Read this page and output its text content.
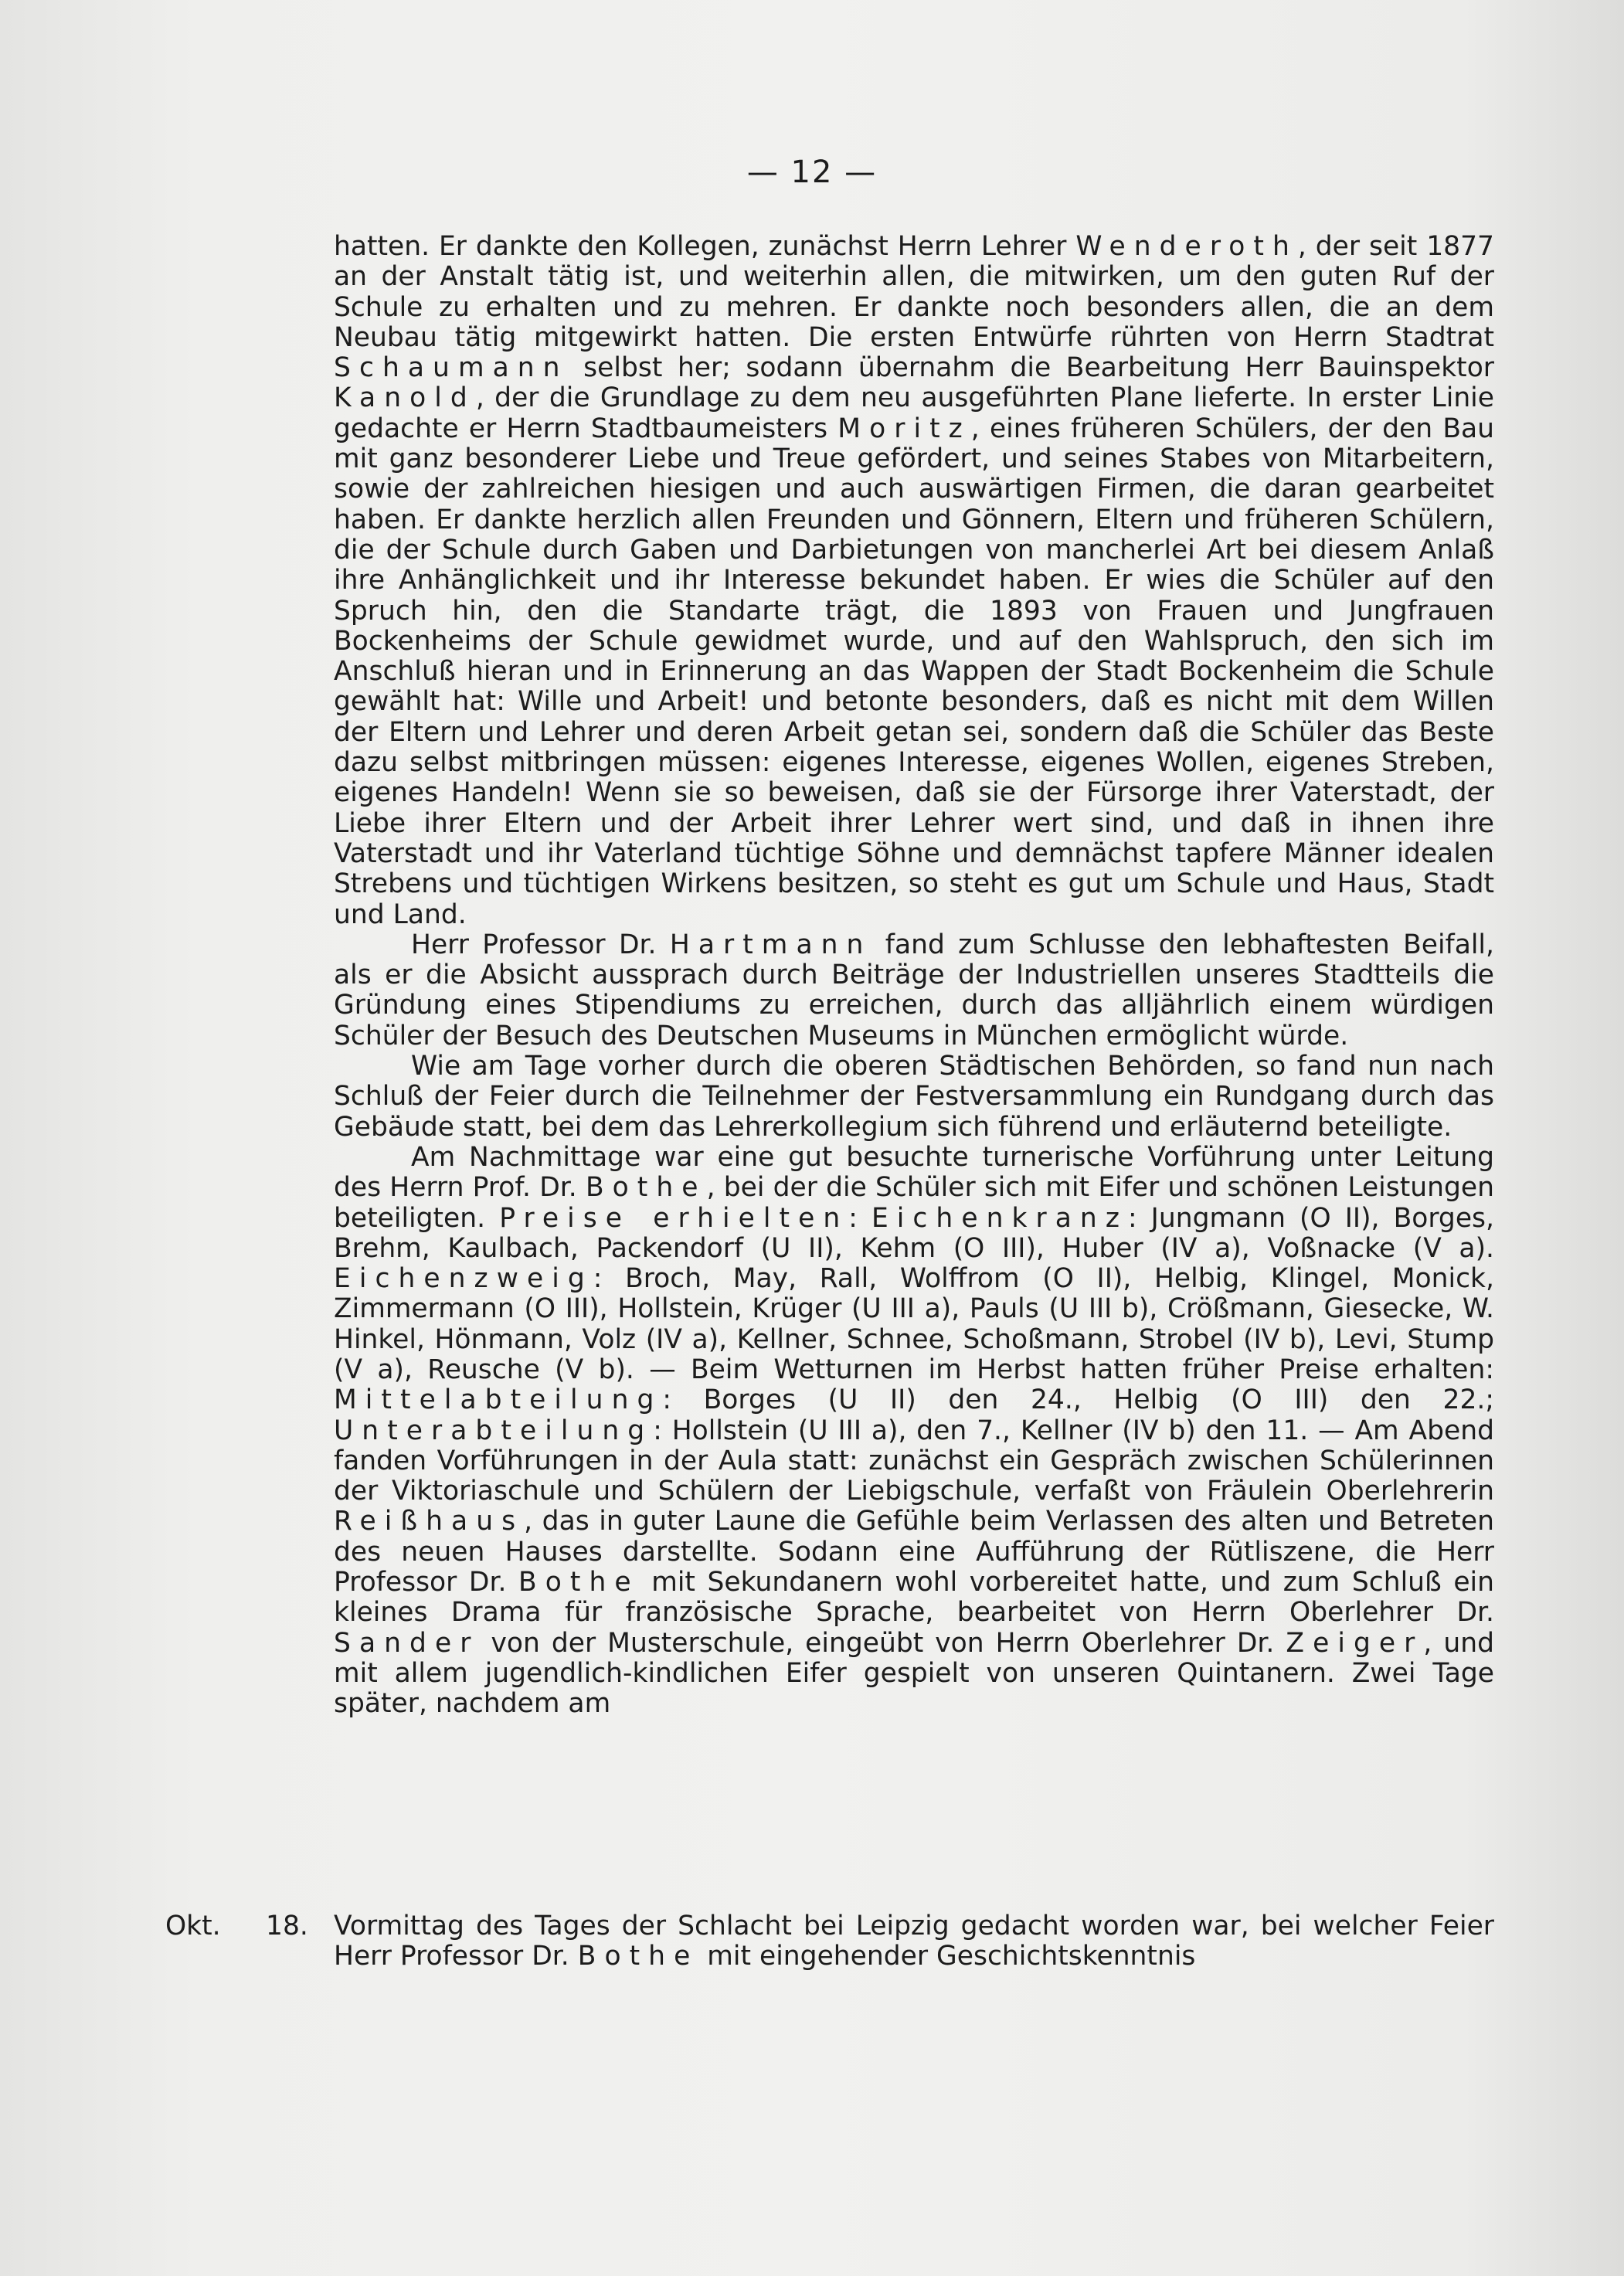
— 12 —

hatten. Er dankte den Kollegen, zunächst Herrn Lehrer Wenderoth, der seit 1877 an der Anstalt tätig ist, und weiterhin allen, die mitwirken, um den guten Ruf der Schule zu erhalten und zu mehren. Er dankte noch besonders allen, die an dem Neubau tätig mitgewirkt hatten. Die ersten Entwürfe rührten von Herrn Stadtrat Schaumann selbst her; sodann übernahm die Bearbeitung Herr Bauinspektor Kanold, der die Grundlage zu dem neu ausgeführten Plane lieferte. In erster Linie gedachte er Herrn Stadtbaumeisters Moritz, eines früheren Schülers, der den Bau mit ganz besonderer Liebe und Treue gefördert, und seines Stabes von Mitarbeitern, sowie der zahlreichen hiesigen und auch auswärtigen Firmen, die daran gearbeitet haben. Er dankte herzlich allen Freunden und Gönnern, Eltern und früheren Schülern, die der Schule durch Gaben und Darbietungen von mancherlei Art bei diesem Anlaß ihre Anhänglichkeit und ihr Interesse bekundet haben. Er wies die Schüler auf den Spruch hin, den die Standarte trägt, die 1893 von Frauen und Jungfrauen Bockenheims der Schule gewidmet wurde, und auf den Wahlspruch, den sich im Anschluß hieran und in Erinnerung an das Wappen der Stadt Bockenheim die Schule gewählt hat: Wille und Arbeit! und betonte besonders, daß es nicht mit dem Willen der Eltern und Lehrer und deren Arbeit getan sei, sondern daß die Schüler das Beste dazu selbst mitbringen müssen: eigenes Interesse, eigenes Wollen, eigenes Streben, eigenes Handeln! Wenn sie so beweisen, daß sie der Fürsorge ihrer Vaterstadt, der Liebe ihrer Eltern und der Arbeit ihrer Lehrer wert sind, und daß in ihnen ihre Vaterstadt und ihr Vaterland tüchtige Söhne und demnächst tapfere Männer idealen Strebens und tüchtigen Wirkens besitzen, so steht es gut um Schule und Haus, Stadt und Land.

Herr Professor Dr. Hartmann fand zum Schlusse den lebhaftesten Beifall, als er die Absicht aussprach durch Beiträge der Industriellen unseres Stadtteils die Gründung eines Stipendiums zu erreichen, durch das alljährlich einem würdigen Schüler der Besuch des Deutschen Museums in München ermöglicht würde.

Wie am Tage vorher durch die oberen Städtischen Behörden, so fand nun nach Schluß der Feier durch die Teilnehmer der Festversammlung ein Rundgang durch das Gebäude statt, bei dem das Lehrerkollegium sich führend und erläuternd beteiligte.

Am Nachmittage war eine gut besuchte turnerische Vorführung unter Leitung des Herrn Prof. Dr. Bothe, bei der die Schüler sich mit Eifer und schönen Leistungen beteiligten. Preise erhielten: Eichenkranz: Jungmann (O II), Borges, Brehm, Kaulbach, Packendorf (U II), Kehm (O III), Huber (IV a), Voßnacke (V a). Eichenzweig: Broch, May, Rall, Wolffrom (O II), Helbig, Klingel, Monick, Zimmermann (O III), Hollstein, Krüger (U III a), Pauls (U III b), Crößmann, Giesecke, W. Hinkel, Hönmann, Volz (IV a), Kellner, Schnee, Schoßmann, Strobel (IV b), Levi, Stump (V a), Reusche (V b). — Beim Wetturnen im Herbst hatten früher Preise erhalten: Mittelabteilung: Borges (U II) den 24., Helbig (O III) den 22.; Unterabteilung: Hollstein (U III a), den 7., Kellner (IV b) den 11. — Am Abend fanden Vorführungen in der Aula statt: zunächst ein Gespräch zwischen Schülerinnen der Viktoriaschule und Schülern der Liebigschule, verfaßt von Fräulein Oberlehrerin Reißhaus, das in guter Laune die Gefühle beim Verlassen des alten und Betreten des neuen Hauses darstellte. Sodann eine Aufführung der Rütliszene, die Herr Professor Dr. Bothe mit Sekundanern wohl vorbereitet hatte, und zum Schluß ein kleines Drama für französische Sprache, bearbeitet von Herrn Oberlehrer Dr. Sander von der Musterschule, eingeübt von Herrn Oberlehrer Dr. Zeiger, und mit allem jugendlich-kindlichen Eifer gespielt von unseren Quintanern. Zwei Tage später, nachdem am

Okt.	18. Vormittag des Tages der Schlacht bei Leipzig gedacht worden war, bei welcher Feier Herr Professor Dr. Bothe mit eingehender Geschichtskenntnis
